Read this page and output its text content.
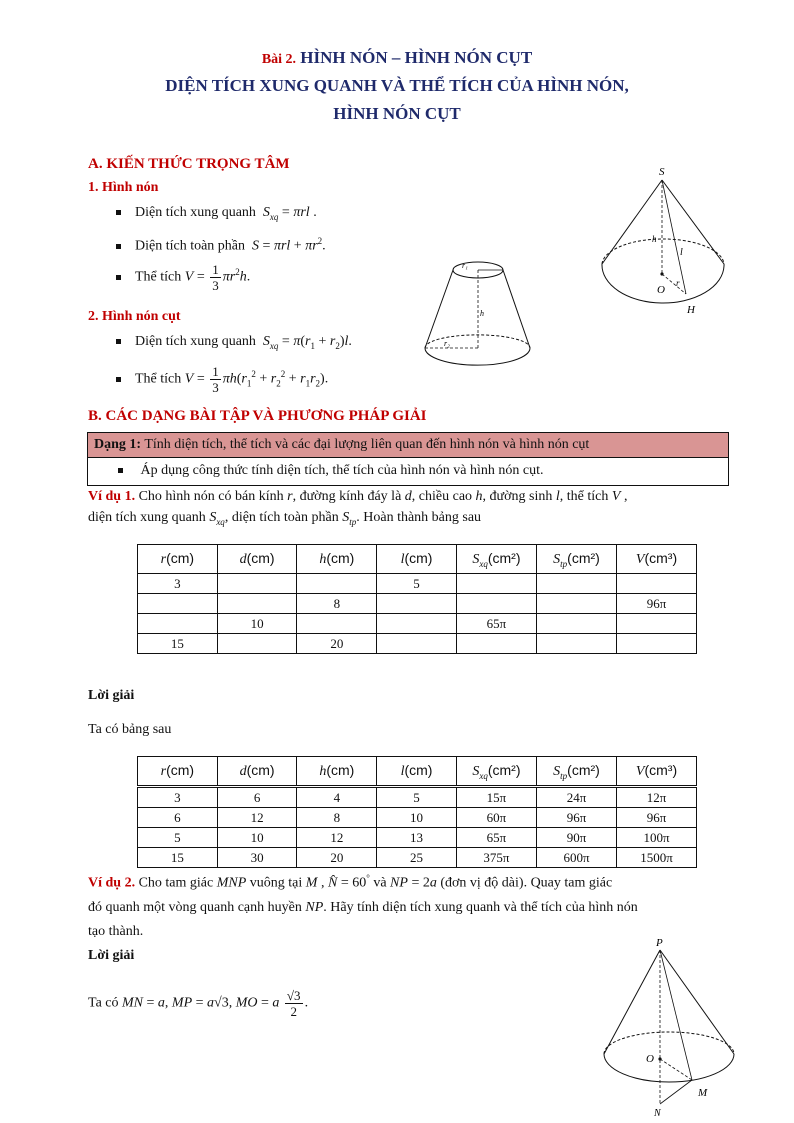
Bài 2. HÌNH NÓN – HÌNH NÓN CỤT
DIỆN TÍCH XUNG QUANH VÀ THỂ TÍCH CỦA HÌNH NÓN,
HÌNH NÓN CỤT
A. KIẾN THỨC TRỌNG TÂM
1. Hình nón
Diện tích xung quanh $S_{xq} = \pi rl$ .
Diện tích toàn phần $S = \pi rl + \pi r^2$.
Thể tích $V = \frac{1}{3} \pi r^2h$.
2. Hình nón cụt
Diện tích xung quanh $S_{xq} = \pi(r_1 + r_2)l$.
Thể tích $V = \frac{1}{3} \pi h(r_1^2 + r_2^2 + r_1r_2)$.
S
h
l
O
r
H
r₁
h
r₂
B. CÁC DẠNG BÀI TẬP VÀ PHƯƠNG PHÁP GIẢI
Dạng 1: Tính diện tích, thể tích và các đại lượng liên quan đến hình nón và hình nón cụt
Áp dụng công thức tính diện tích, thể tích của hình nón và hình nón cụt.
Ví dụ 1. Cho hình nón có bán kính r, đường kính đáy là d, chiều cao h, đường sinh l, thể tích V ,
diện tích xung quanh $S_{xq}$, diện tích toàn phần $S_{tp}$. Hoàn thành bảng sau
r(cm)	d(cm)	h(cm)	l(cm)	$S_{xq}(cm^2)$	$S_{tp}(cm^2)$	V(cm³)
3			5			
		8				96π
	10			65π		
15		20				
Lời giải
Ta có bảng sau
r(cm)	d(cm)	h(cm)	l(cm)	$S_{xq}(cm^2)$	$S_{tp}(cm^2)$	V(cm³)
3	6	4	5	15π	24π	12π
6	12	8	10	60π	96π	96π
5	10	12	13	65π	90π	100π
15	30	20	25	375π	600π	1500π
Ví dụ 2. Cho tam giác MNP vuông tại M , N̂ = 60° và NP = 2a (đơn vị độ dài). Quay tam giác
đó quanh một vòng quanh cạnh huyền NP. Hãy tính diện tích xung quanh và thể tích của hình nón
tạo thành.
Lời giải
Ta có MN = a, MP = a√3, MO = a $\frac{√3}{2}$ .
P
O
M
N
